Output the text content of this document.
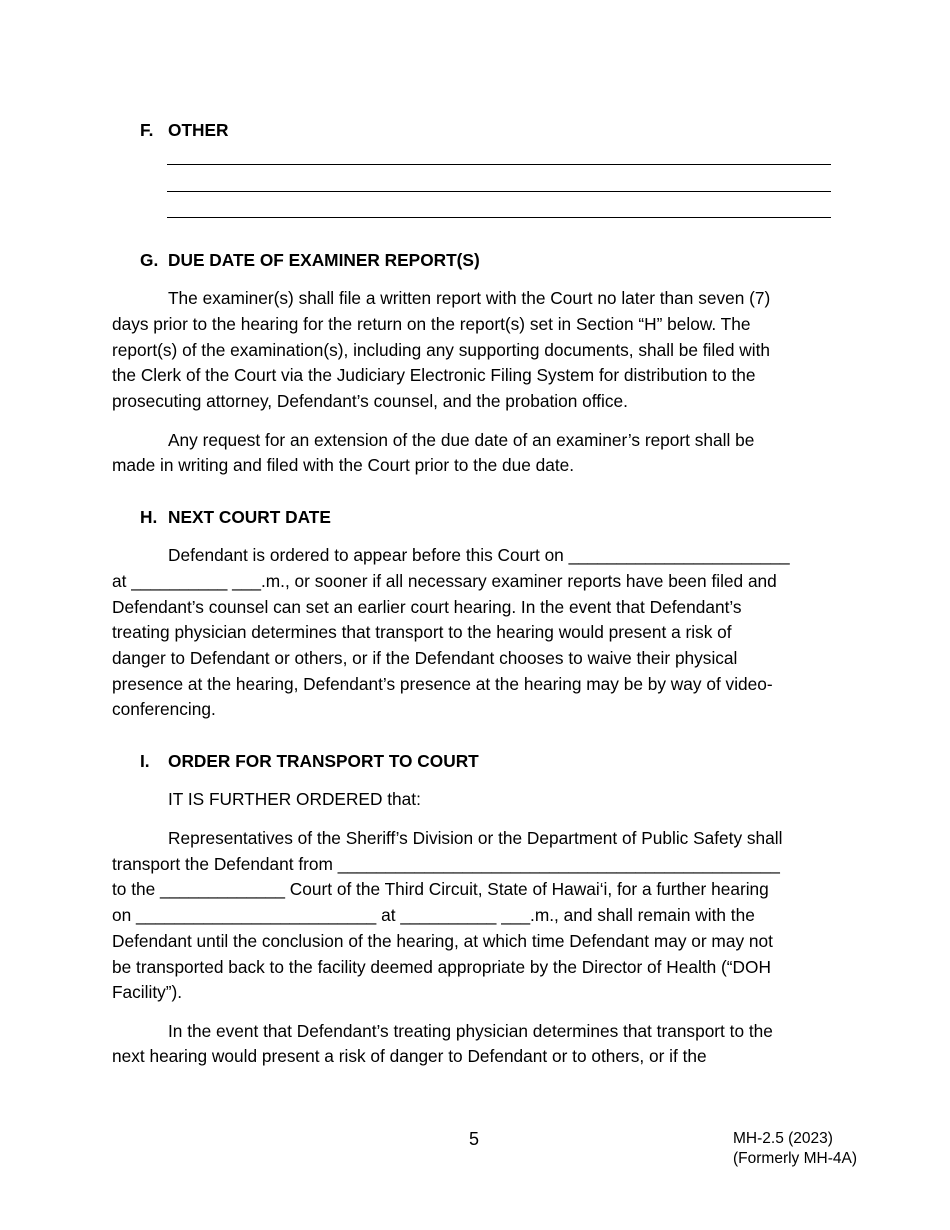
F. OTHER
G. DUE DATE OF EXAMINER REPORT(S)
The examiner(s) shall file a written report with the Court no later than seven (7)
days prior to the hearing for the return on the report(s) set in Section “H” below. The
report(s) of the examination(s), including any supporting documents, shall be filed with
the Clerk of the Court via the Judiciary Electronic Filing System for distribution to the
prosecuting attorney, Defendant’s counsel, and the probation office.
Any request for an extension of the due date of an examiner’s report shall be
made in writing and filed with the Court prior to the due date.
H. NEXT COURT DATE
Defendant is ordered to appear before this Court on _______________________
at __________ ___.m., or sooner if all necessary examiner reports have been filed and
Defendant’s counsel can set an earlier court hearing. In the event that Defendant’s
treating physician determines that transport to the hearing would present a risk of
danger to Defendant or others, or if the Defendant chooses to waive their physical
presence at the hearing, Defendant’s presence at the hearing may be by way of video-
conferencing.
I. ORDER FOR TRANSPORT TO COURT
IT IS FURTHER ORDERED that:
Representatives of the Sheriff’s Division or the Department of Public Safety shall
transport the Defendant from ______________________________________________
to the _____________ Court of the Third Circuit, State of Hawai‘i, for a further hearing
on _________________________ at __________ ___.m., and shall remain with the
Defendant until the conclusion of the hearing, at which time Defendant may or may not
be transported back to the facility deemed appropriate by the Director of Health (“DOH
Facility”).
In the event that Defendant’s treating physician determines that transport to the
next hearing would present a risk of danger to Defendant or to others, or if the
5	MH-2.5 (2023)
(Formerly MH-4A)
